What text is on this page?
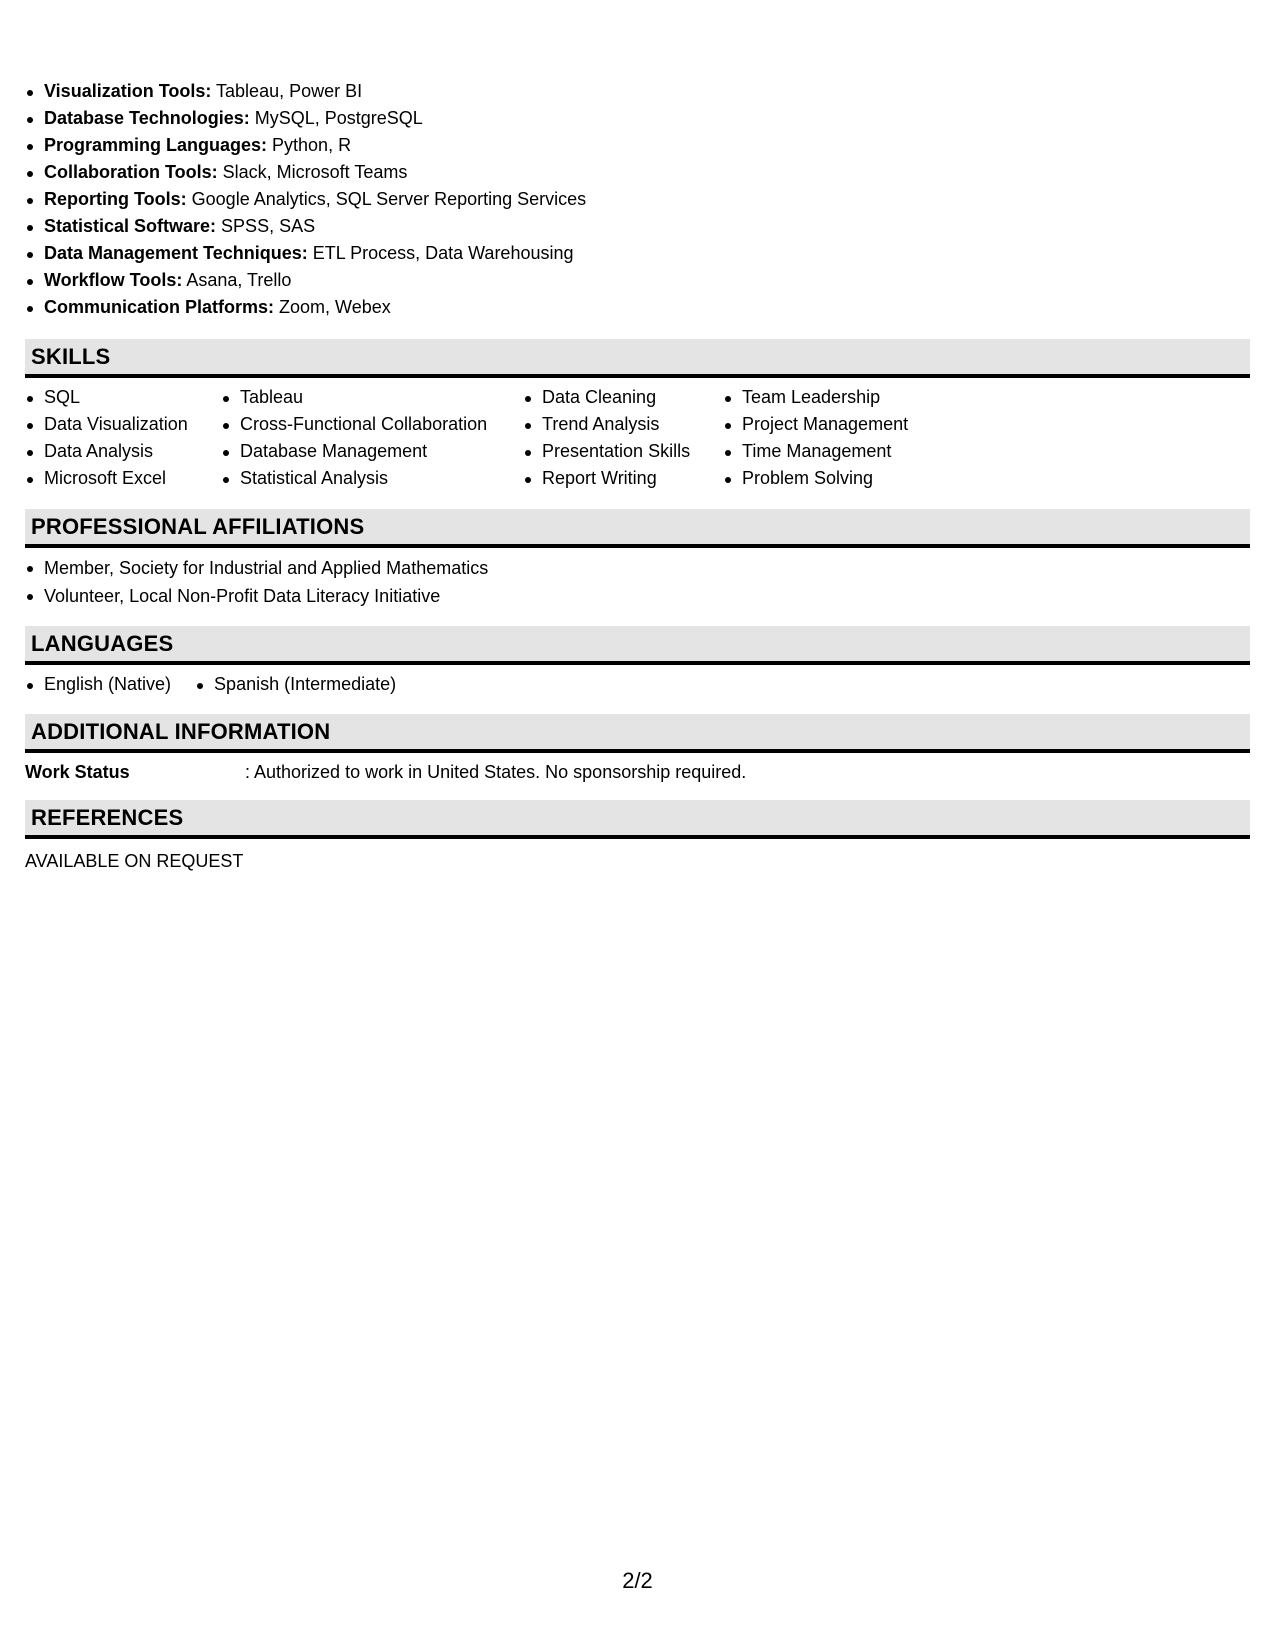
Visualization Tools: Tableau, Power BI
Database Technologies: MySQL, PostgreSQL
Programming Languages: Python, R
Collaboration Tools: Slack, Microsoft Teams
Reporting Tools: Google Analytics, SQL Server Reporting Services
Statistical Software: SPSS, SAS
Data Management Techniques: ETL Process, Data Warehousing
Workflow Tools: Asana, Trello
Communication Platforms: Zoom, Webex
SKILLS
SQL
Data Visualization
Data Analysis
Microsoft Excel
Tableau
Cross-Functional Collaboration
Database Management
Statistical Analysis
Data Cleaning
Trend Analysis
Presentation Skills
Report Writing
Team Leadership
Project Management
Time Management
Problem Solving
PROFESSIONAL AFFILIATIONS
Member, Society for Industrial and Applied Mathematics
Volunteer, Local Non-Profit Data Literacy Initiative
LANGUAGES
English (Native)	Spanish (Intermediate)
ADDITIONAL INFORMATION
Work Status	: Authorized to work in United States. No sponsorship required.
REFERENCES
AVAILABLE ON REQUEST
2/2
